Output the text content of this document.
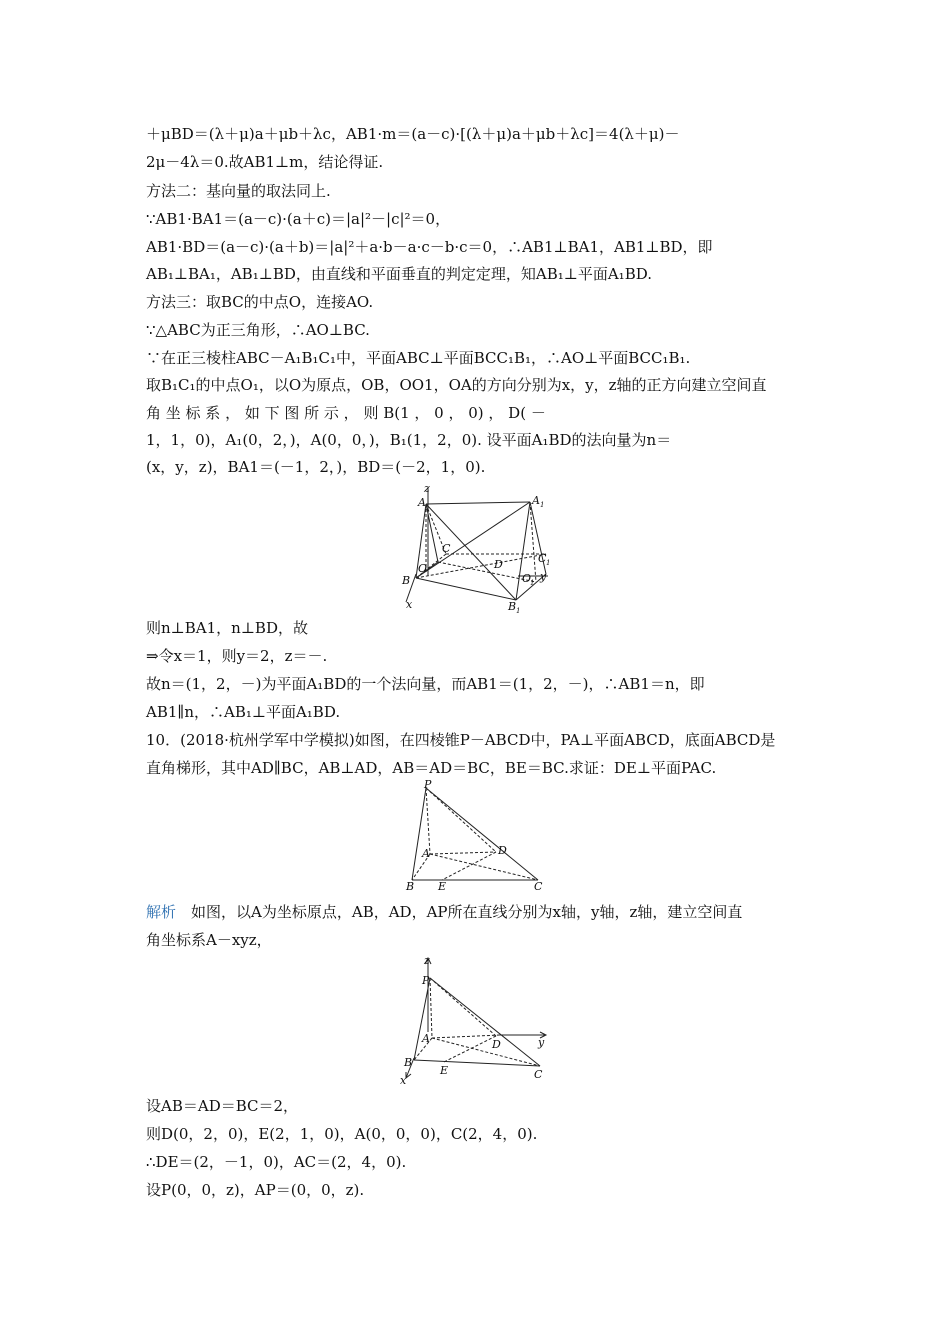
＋μBD＝(λ＋μ)a＋μb＋λc，AB1·m＝(a－c)·[(λ＋μ)a＋μb＋λc]＝4(λ＋μ)－
2μ－4λ＝0.故AB1⊥m，结论得证.
方法二：基向量的取法同上.
∵AB1·BA1＝(a－c)·(a＋c)＝|a|²－|c|²＝0，
AB1·BD＝(a－c)·(a＋b)＝|a|²＋a·b－a·c－b·c＝0，∴AB1⊥BA1，AB1⊥BD，即
AB₁⊥BA₁，AB₁⊥BD，由直线和平面垂直的判定定理，知AB₁⊥平面A₁BD.
方法三：取BC的中点O，连接AO.
∵△ABC为正三角形，∴AO⊥BC.
∵在正三棱柱ABC－A₁B₁C₁中，平面ABC⊥平面BCC₁B₁，∴AO⊥平面BCC₁B₁.
取B₁C₁的中点O₁，以O为原点，OB，OO1，OA的方向分别为x，y，z轴的正方向建立空间直
角 坐 标 系 ， 如 下 图 所 示 ， 则 B(1 ， 0 ， 0) ， D( －
1，1，0)，A₁(0，2，)，A(0，0，)，B₁(1，2，0). 设平面A₁BD的法向量为n＝
(x，y，z)，BA1＝(－1，2，)，BD＝(－2，1，0).
z
A	A 1
C
C 1
D
O
O
1 y
B
B 1
x
则n⊥BA1，n⊥BD，故
⇒令x＝1，则y＝2，z＝－.
故n＝(1，2，－)为平面A₁BD的一个法向量，而AB1＝(1，2，－)，∴AB1＝n，即
AB1∥n，∴AB₁⊥平面A₁BD.
10．(2018·杭州学军中学模拟)如图，在四棱锥P－ABCD中，PA⊥平面ABCD，底面ABCD是
直角梯形，其中AD∥BC，AB⊥AD，AB＝AD＝BC，BE＝BC.求证：DE⊥平面PAC.
P
A	D
B E	C
解析　 如图，以A为坐标原点，AB，AD，AP所在直线分别为x轴，y轴，z轴，建立空间直
角坐标系A－xyz，
z
P
A	D	y
B
E	C
x
设AB＝AD＝BC＝2，
则D(0，2，0)，E(2，1，0)，A(0，0，0)，C(2，4，0).
∴DE＝(2，－1，0)，AC＝(2，4，0).
设P(0，0，z)，AP＝(0，0，z).
